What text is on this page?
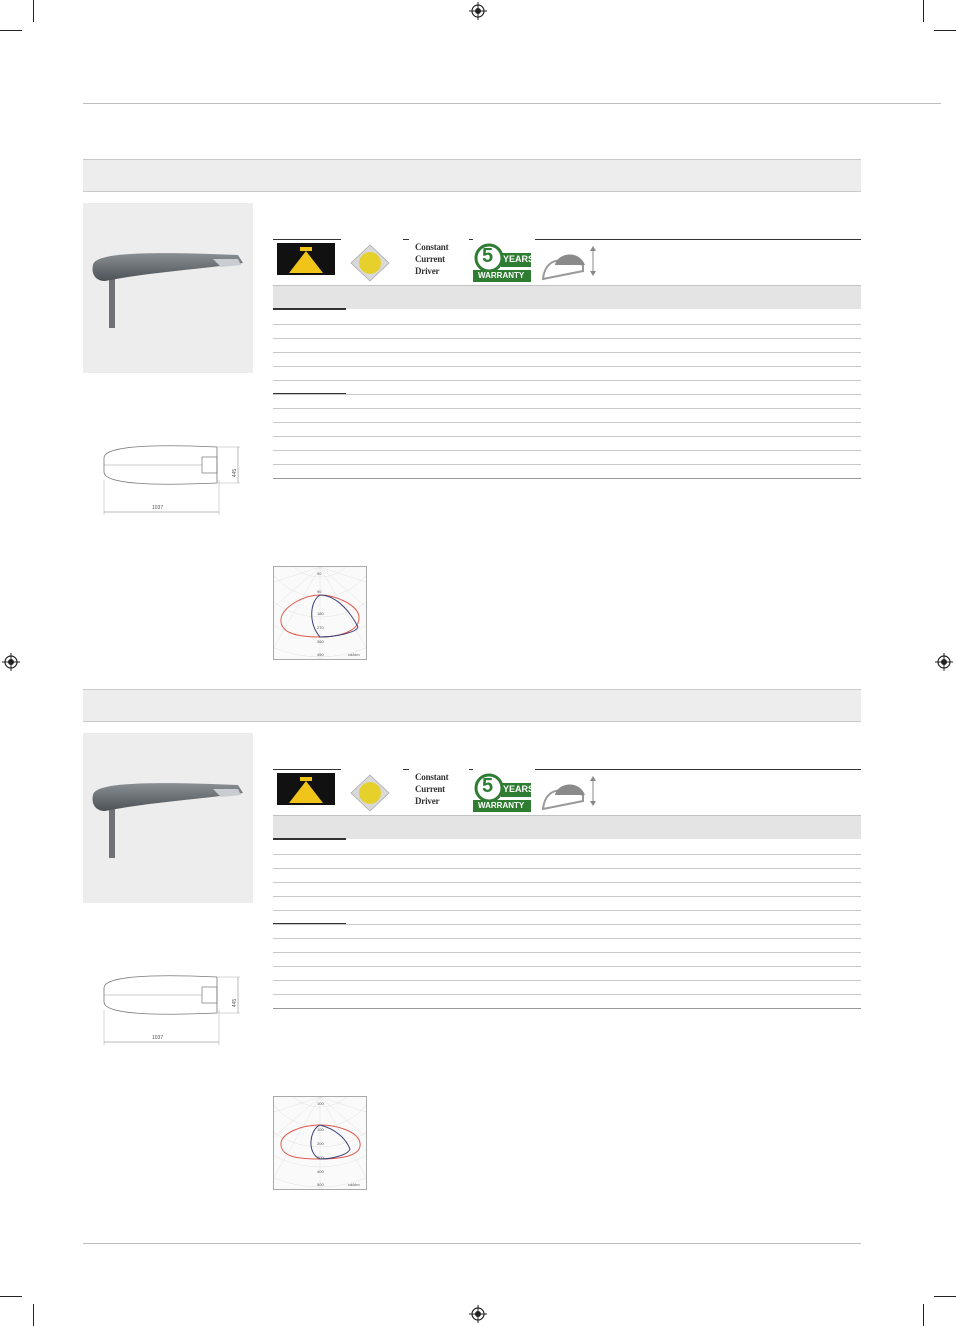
1037
445
Constant
Current
Driver
5 YEARS
WARRANTY
90
90
180
270
360
450	cd/klm
1037
445
Constant
Current
Driver
5 YEARS
WARRANTY
100
100
200
300
400
500	cd/klm
